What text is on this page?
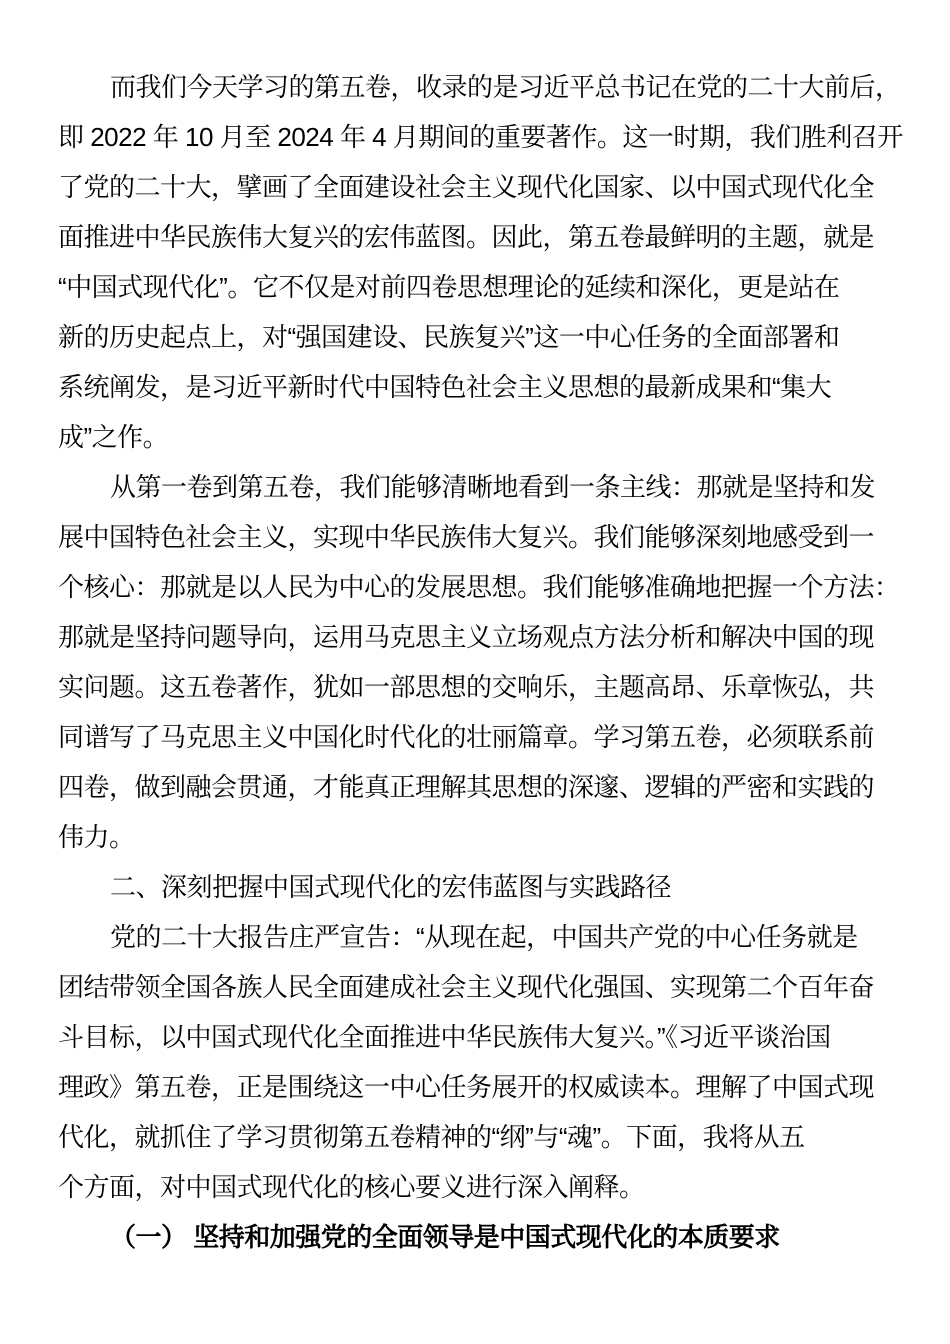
而我们今天学习的第五卷，收录的是习近平总书记在党的二十大前后，
即 2022 年 10 月至 2024 年 4 月期间的重要著作。这一时期，我们胜利召开
了党的二十大，擘画了全面建设社会主义现代化国家、以中国式现代化全
面推进中华民族伟大复兴的宏伟蓝图。因此，第五卷最鲜明的主题，就是
“中国式现代化”。它不仅是对前四卷思想理论的延续和深化，更是站在
新的历史起点上，对“强国建设、民族复兴”这一中心任务的全面部署和
系统阐发，是习近平新时代中国特色社会主义思想的最新成果和“集大
成”之作。
从第一卷到第五卷，我们能够清晰地看到一条主线：那就是坚持和发
展中国特色社会主义，实现中华民族伟大复兴。我们能够深刻地感受到一
个核心：那就是以人民为中心的发展思想。我们能够准确地把握一个方法：
那就是坚持问题导向，运用马克思主义立场观点方法分析和解决中国的现
实问题。这五卷著作，犹如一部思想的交响乐，主题高昂、乐章恢弘，共
同谱写了马克思主义中国化时代化的壮丽篇章。学习第五卷，必须联系前
四卷，做到融会贯通，才能真正理解其思想的深邃、逻辑的严密和实践的
伟力。
二、深刻把握中国式现代化的宏伟蓝图与实践路径
党的二十大报告庄严宣告：“从现在起，中国共产党的中心任务就是
团结带领全国各族人民全面建成社会主义现代化强国、实现第二个百年奋
斗目标，以中国式现代化全面推进中华民族伟大复兴。”《习近平谈治国
理政》第五卷，正是围绕这一中心任务展开的权威读本。理解了中国式现
代化，就抓住了学习贯彻第五卷精神的“纲”与“魂”。下面，我将从五
个方面，对中国式现代化的核心要义进行深入阐释。
（一） 坚持和加强党的全面领导是中国式现代化的本质要求
